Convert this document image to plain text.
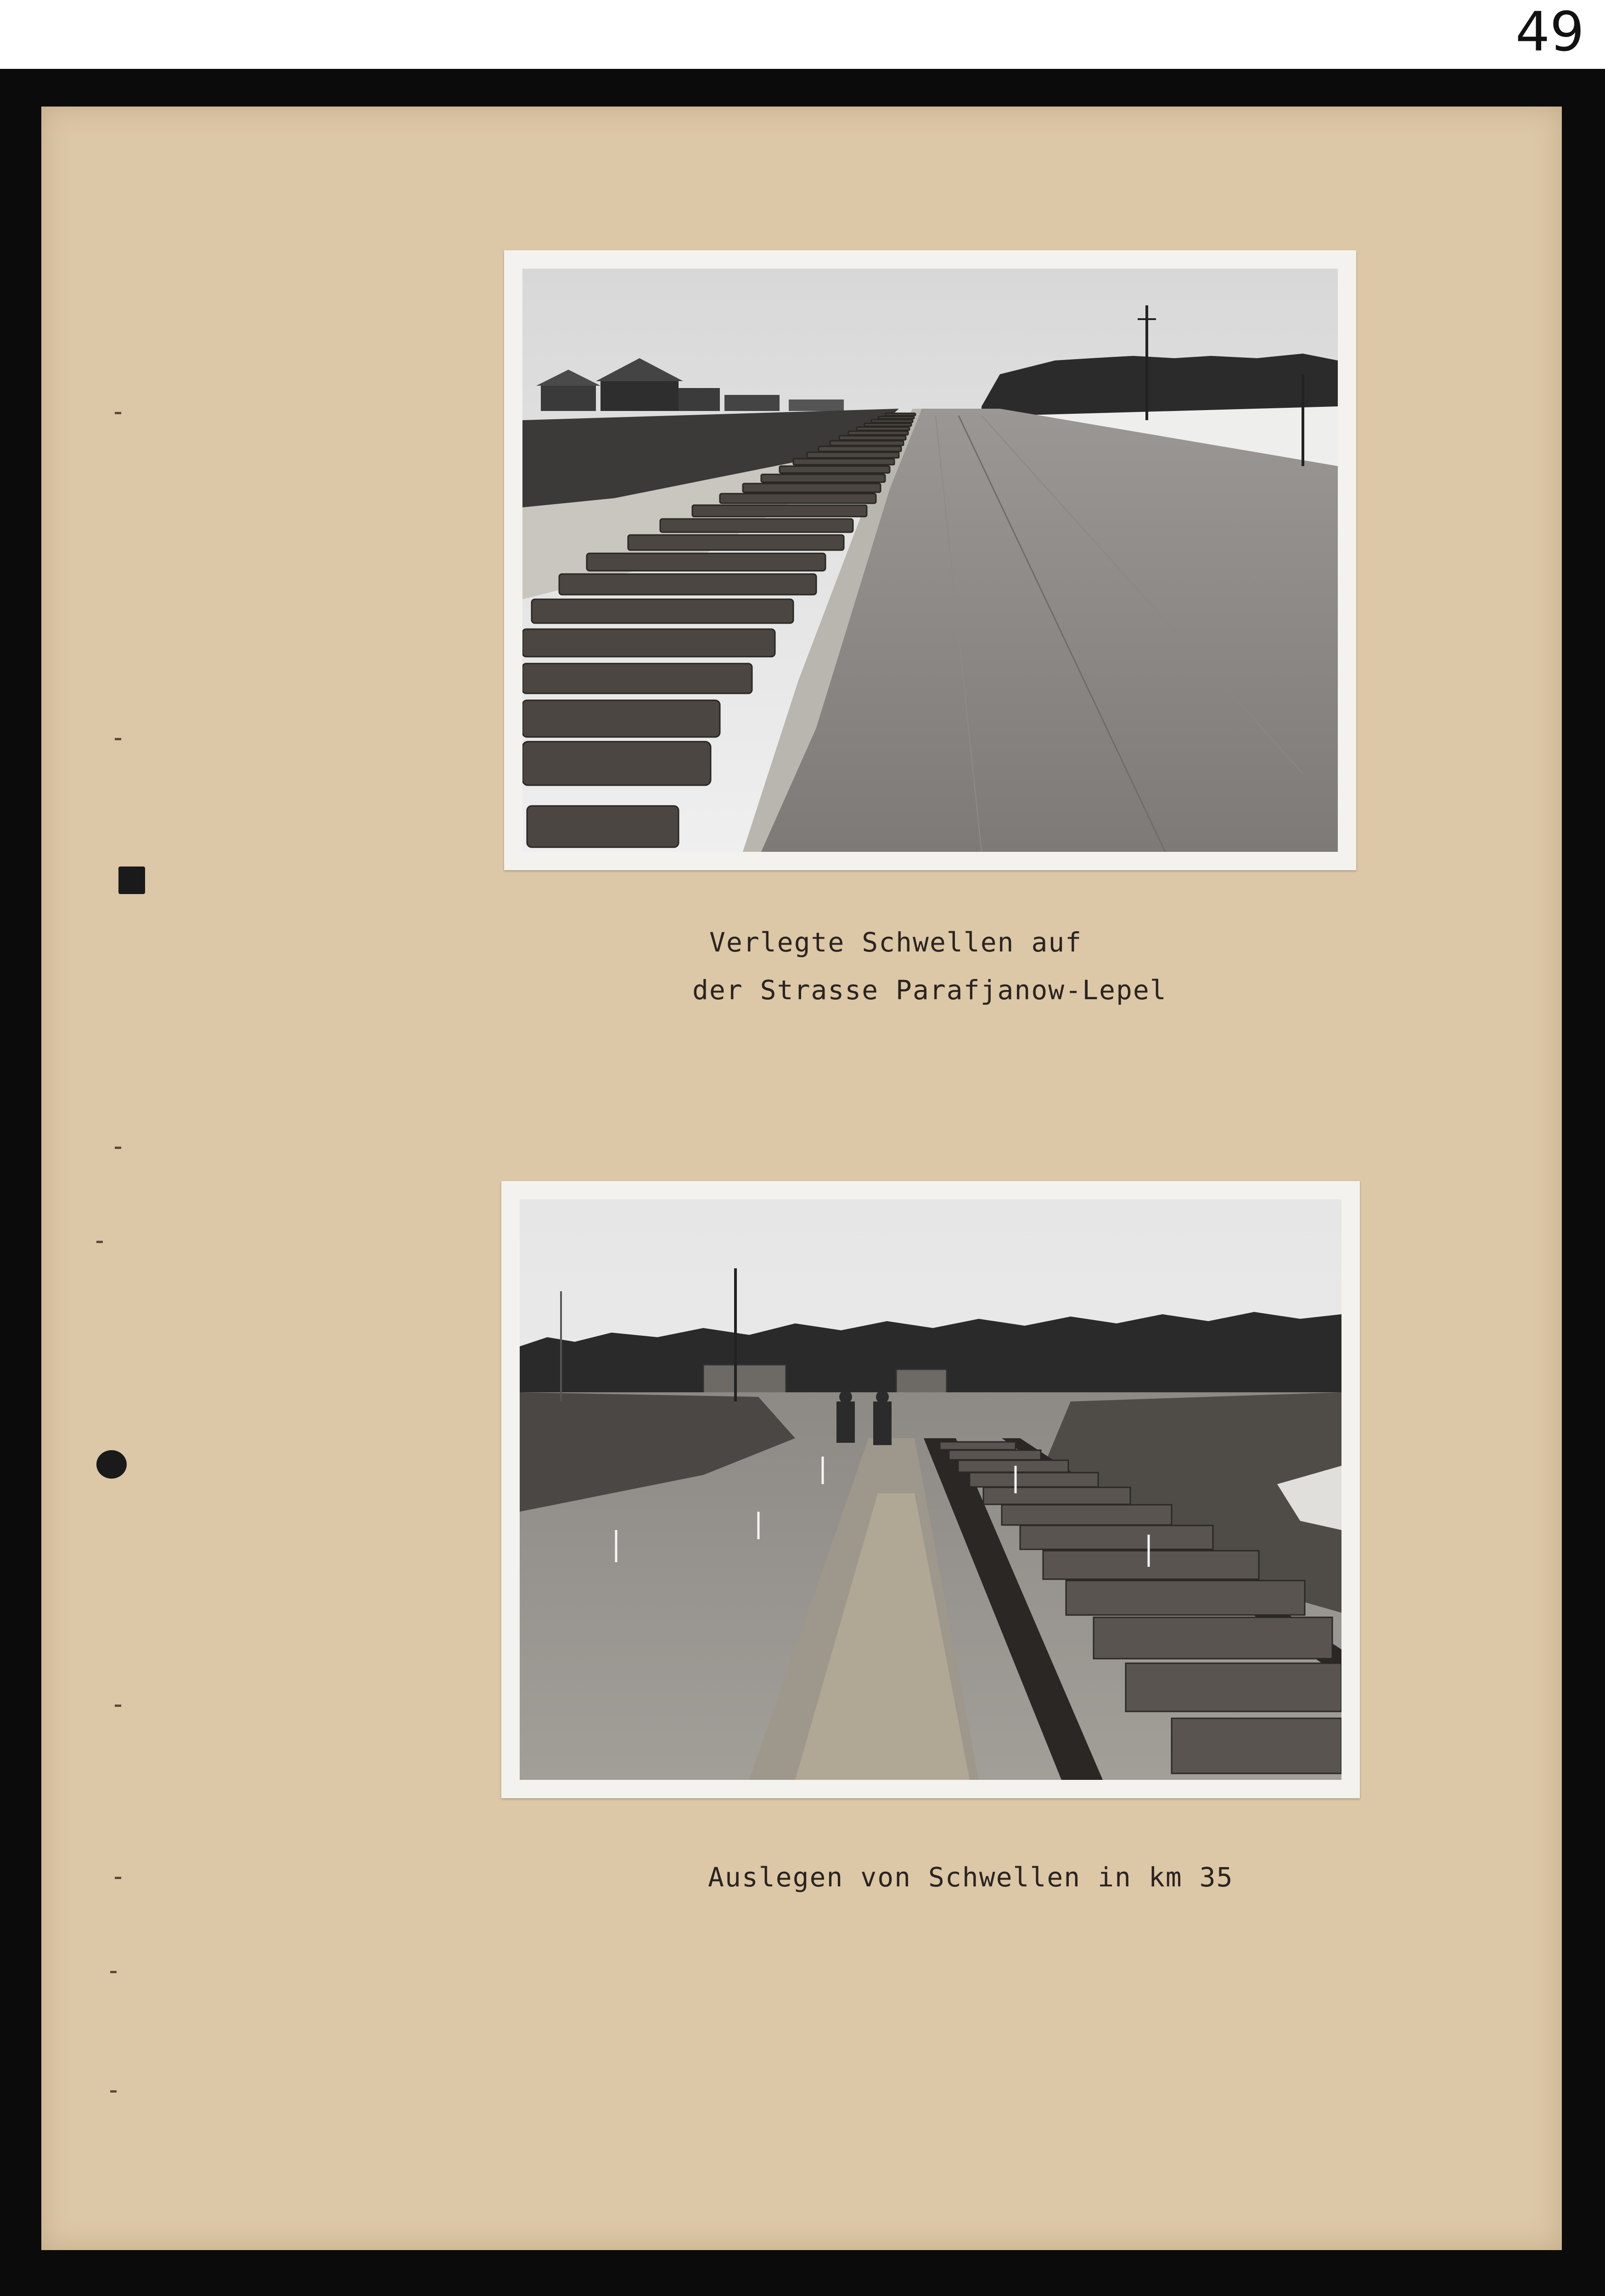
49
Verlegte Schwellen auf
der Strasse Parafjanow-Lepel
Auslegen von Schwellen in km 35
